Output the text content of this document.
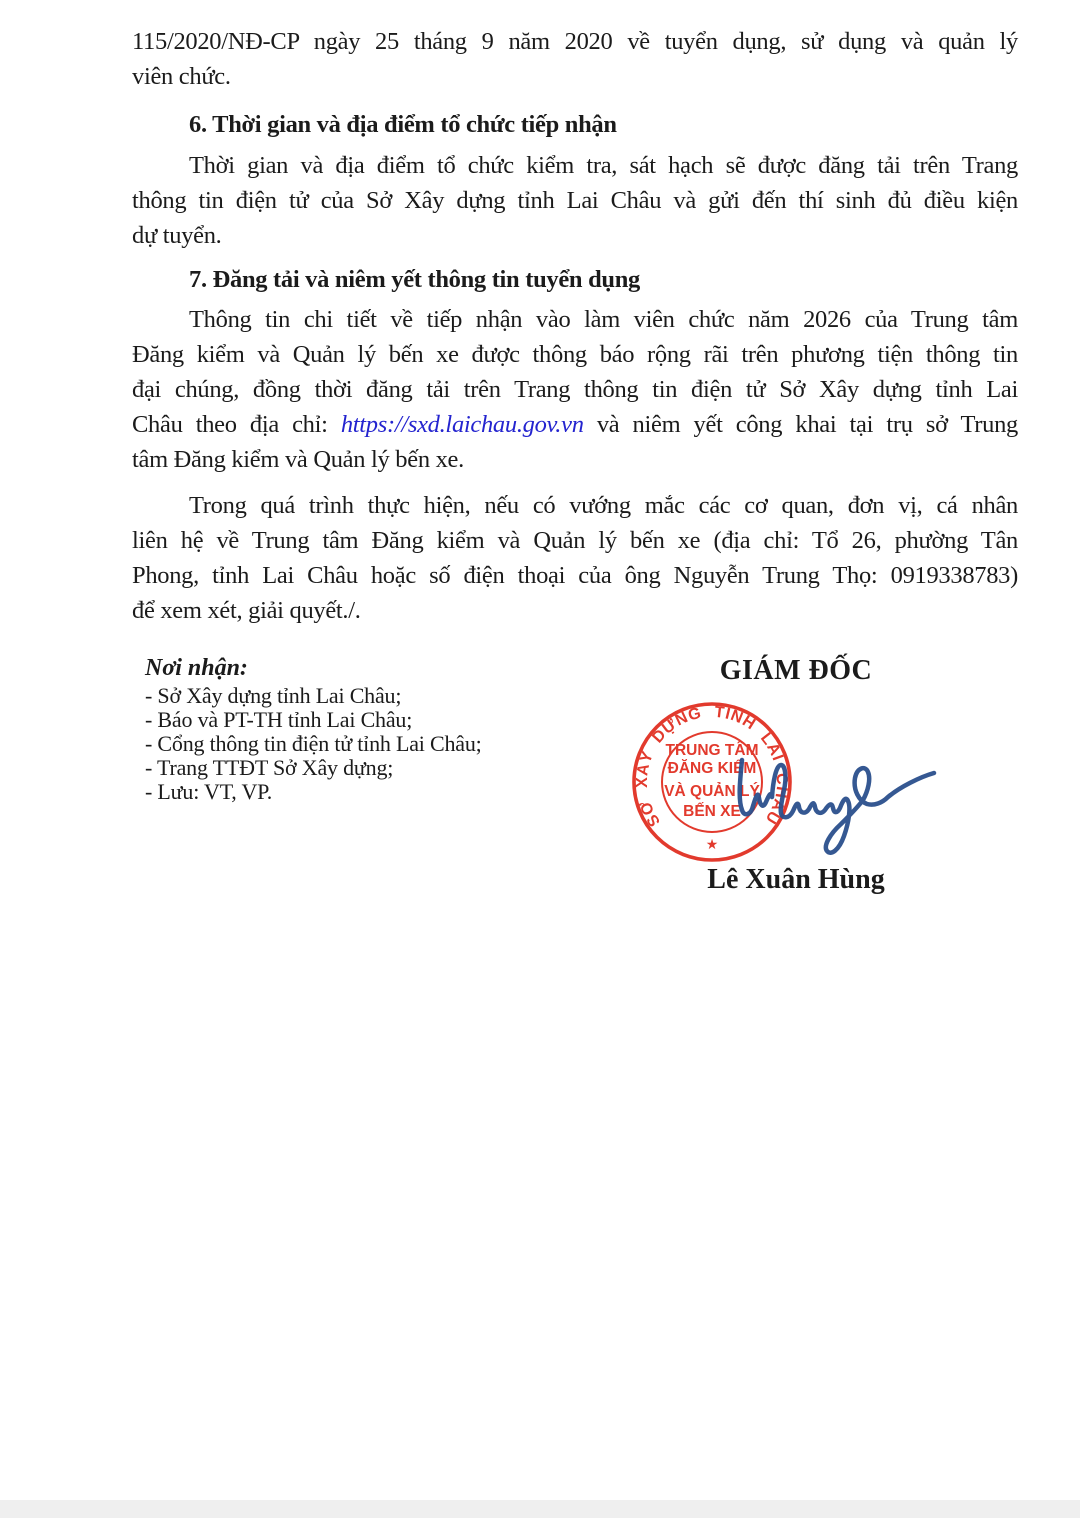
115/2020/NĐ-CP ngày 25 tháng 9 năm 2020 về tuyển dụng, sử dụng và quản lý
viên chức.
6. Thời gian và địa điểm tổ chức tiếp nhận
Thời gian và địa điểm tổ chức kiểm tra, sát hạch sẽ được đăng tải trên Trang
thông tin điện tử của Sở Xây dựng tỉnh Lai Châu và gửi đến thí sinh đủ điều kiện
dự tuyển.
7. Đăng tải và niêm yết thông tin tuyển dụng
Thông tin chi tiết về tiếp nhận vào làm viên chức năm 2026 của Trung tâm
Đăng kiểm và Quản lý bến xe được thông báo rộng rãi trên phương tiện thông tin
đại chúng, đồng thời đăng tải trên Trang thông tin điện tử Sở Xây dựng tỉnh Lai
Châu theo địa chỉ: https://sxd.laichau.gov.vn và niêm yết công khai tại trụ sở Trung
tâm Đăng kiểm và Quản lý bến xe.
Trong quá trình thực hiện, nếu có vướng mắc các cơ quan, đơn vị, cá nhân
liên hệ về Trung tâm Đăng kiểm và Quản lý bến xe (địa chỉ: Tổ 26, phường Tân
Phong, tỉnh Lai Châu hoặc số điện thoại của ông Nguyễn Trung Thọ: 0919338783)
để xem xét, giải quyết./.
Nơi nhận:
- Sở Xây dựng tỉnh Lai Châu;
- Báo và PT-TH tỉnh Lai Châu;
- Cổng thông tin điện tử tỉnh Lai Châu;
- Trang TTĐT Sở Xây dựng;
- Lưu: VT, VP.
GIÁM ĐỐC
SỞ XÂY DỰNG TỈNH LAI CHÂU
TRUNG TÂM
ĐĂNG KIỂM
VÀ QUẢN LÝ
BẾN XE
★
Lê Xuân Hùng
